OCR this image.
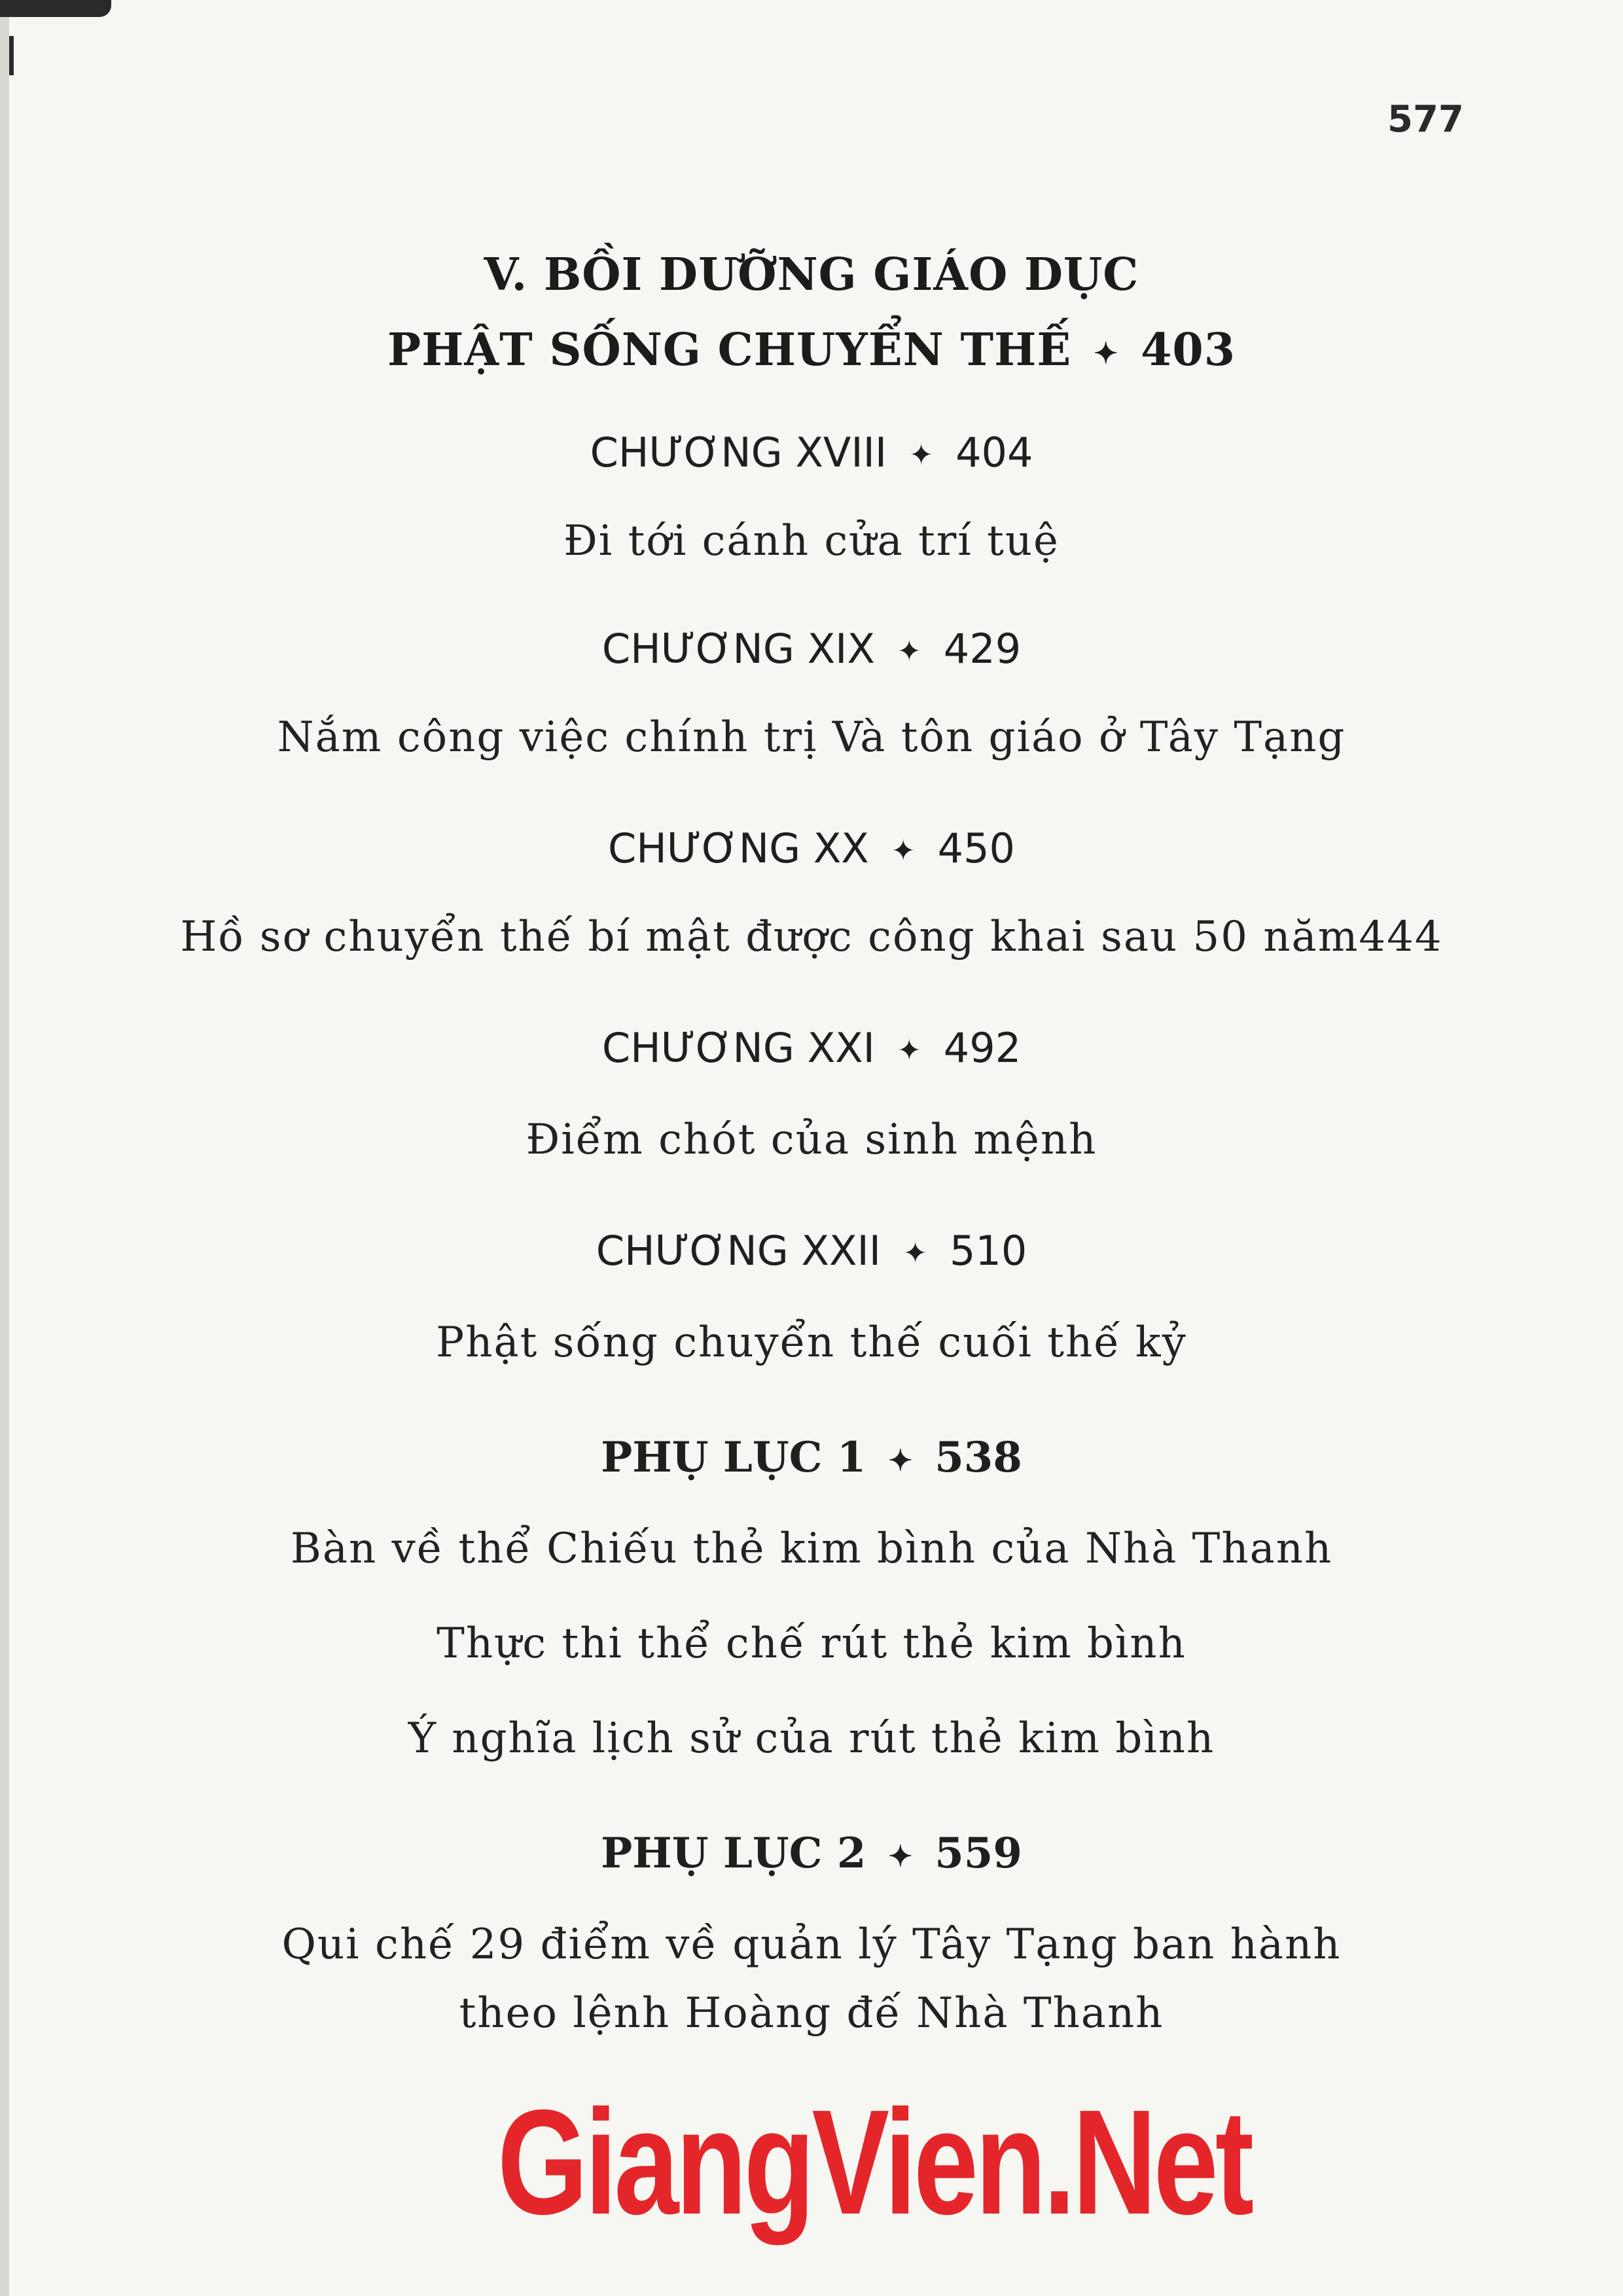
577
V. BỒI DƯỠNG GIÁO DỤC
PHẬT SỐNG CHUYỂN THẾ ✦ 403
CHƯƠNG XVIII ✦ 404
Đi tới cánh cửa trí tuệ
CHƯƠNG XIX ✦ 429
Nắm công việc chính trị Và tôn giáo ở Tây Tạng
CHƯƠNG XX ✦ 450
Hồ sơ chuyển thế bí mật được công khai sau 50 năm444
CHƯƠNG XXI ✦ 492
Điểm chót của sinh mệnh
CHƯƠNG XXII ✦ 510
Phật sống chuyển thế cuối thế kỷ
PHỤ LỤC 1 ✦ 538
Bàn về thể Chiếu thẻ kim bình của Nhà Thanh
Thực thi thể chế rút thẻ kim bình
Ý nghĩa lịch sử của rút thẻ kim bình
PHỤ LỤC 2 ✦ 559
Qui chế 29 điểm về quản lý Tây Tạng ban hành
theo lệnh Hoàng đế Nhà Thanh
GiangVien.Net
